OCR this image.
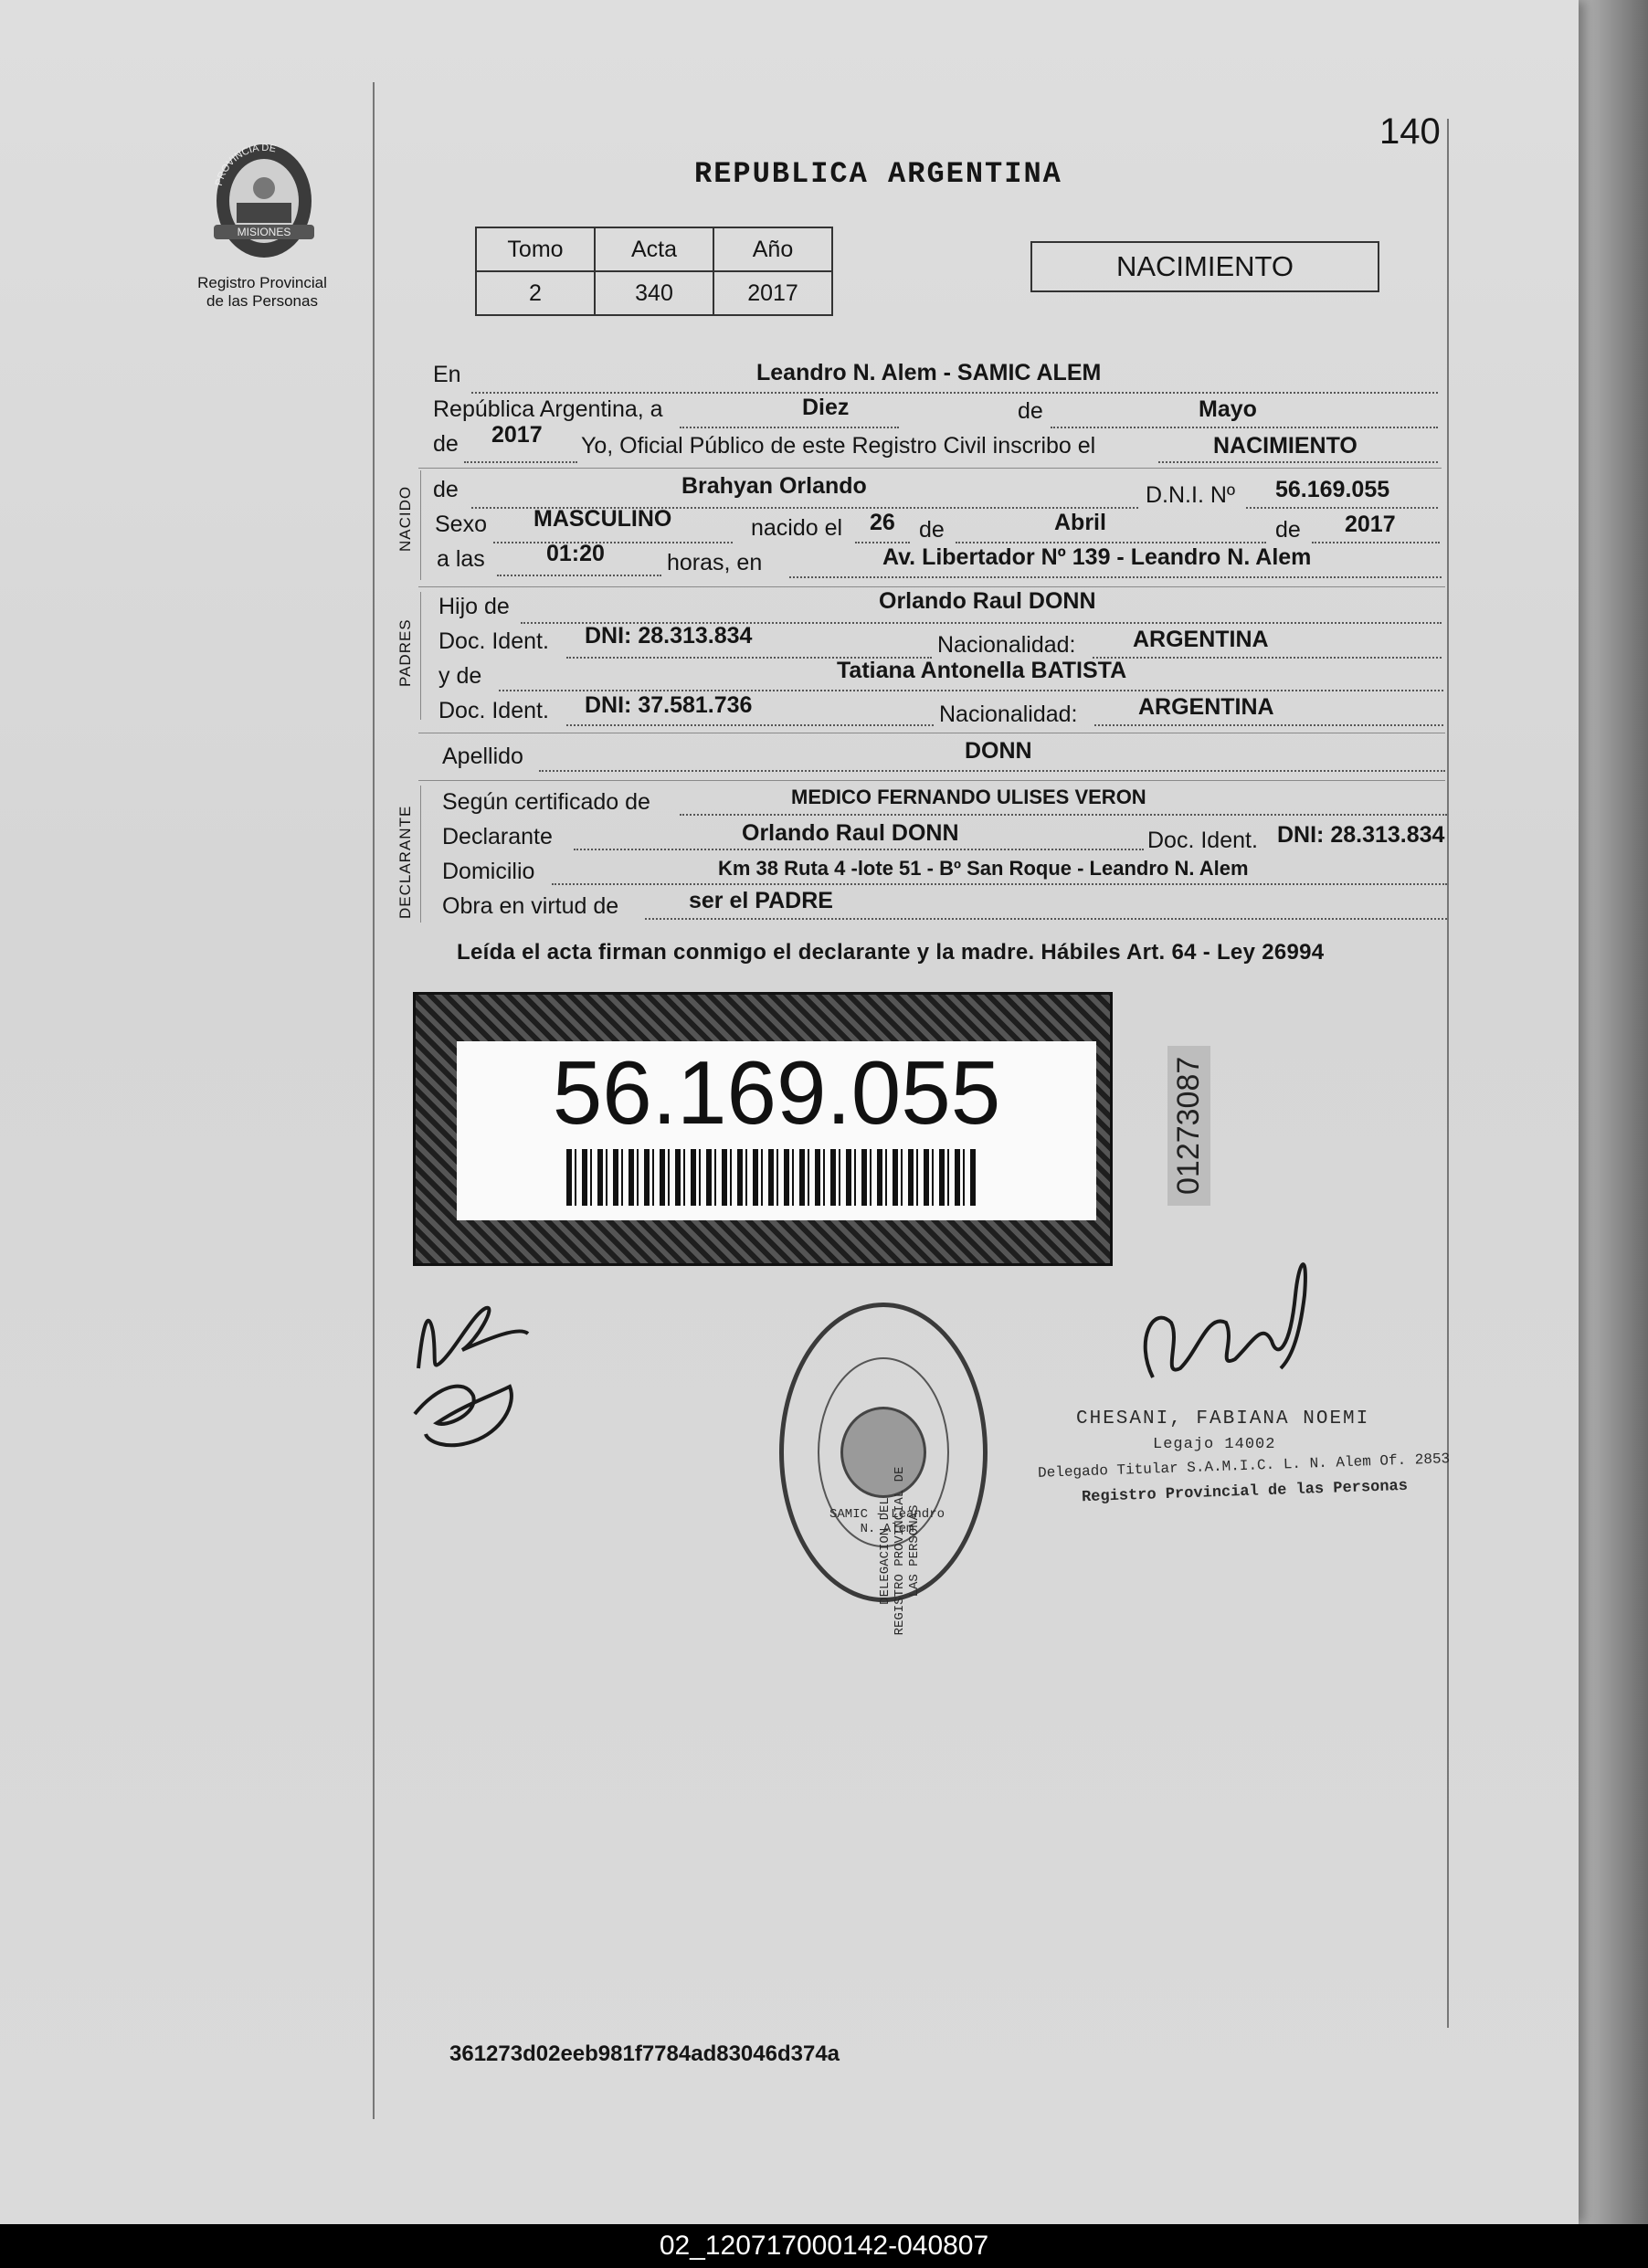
140
PROVINCIA DE
MISIONES
Registro Provincial
de las Personas
REPUBLICA ARGENTINA
Tomo	Acta	Año
2	340	2017
NACIMIENTO
NACIDO
PADRES
DECLARANTE
En	Leandro N. Alem - SAMIC ALEM
República Argentina, a	Diez	de	Mayo
de 2017 Yo, Oficial Público de este Registro Civil inscribo el	NACIMIENTO
de	Brahyan Orlando	D.N.I. Nº 56.169.055
Sexo MASCULINO	nacido el 26 de	Abril	de 2017
a las	01:20	horas, en	Av. Libertador Nº 139 - Leandro N. Alem
Hijo de	Orlando Raul DONN
Doc. Ident. DNI: 28.313.834	Nacionalidad:	ARGENTINA
y de	Tatiana Antonella BATISTA
Doc. Ident. DNI: 37.581.736	Nacionalidad:	ARGENTINA
Apellido	DONN
Según certificado de	MEDICO FERNANDO ULISES VERON
Declarante	Orlando Raul DONN	Doc. Ident. DNI: 28.313.834
Domicilio	Km 38 Ruta 4 -lote 51 - Bº San Roque - Leandro N. Alem
Obra en virtud de	ser el PADRE
Leída el acta firman conmigo el declarante y la madre. Hábiles Art. 64 - Ley 26994
56.169.055	01273087
DELEGACION DEL REGISTRO PROVINCIAL DE LAS PERSONAS
SAMIC - Leandro N. Alem
CHESANI, FABIANA NOEMI
Legajo 14002
Delegado Titular S.A.M.I.C. L. N. Alem Of. 2853
Registro Provincial de las Personas
361273d02eeb981f7784ad83046d374a
02_120717000142-040807
